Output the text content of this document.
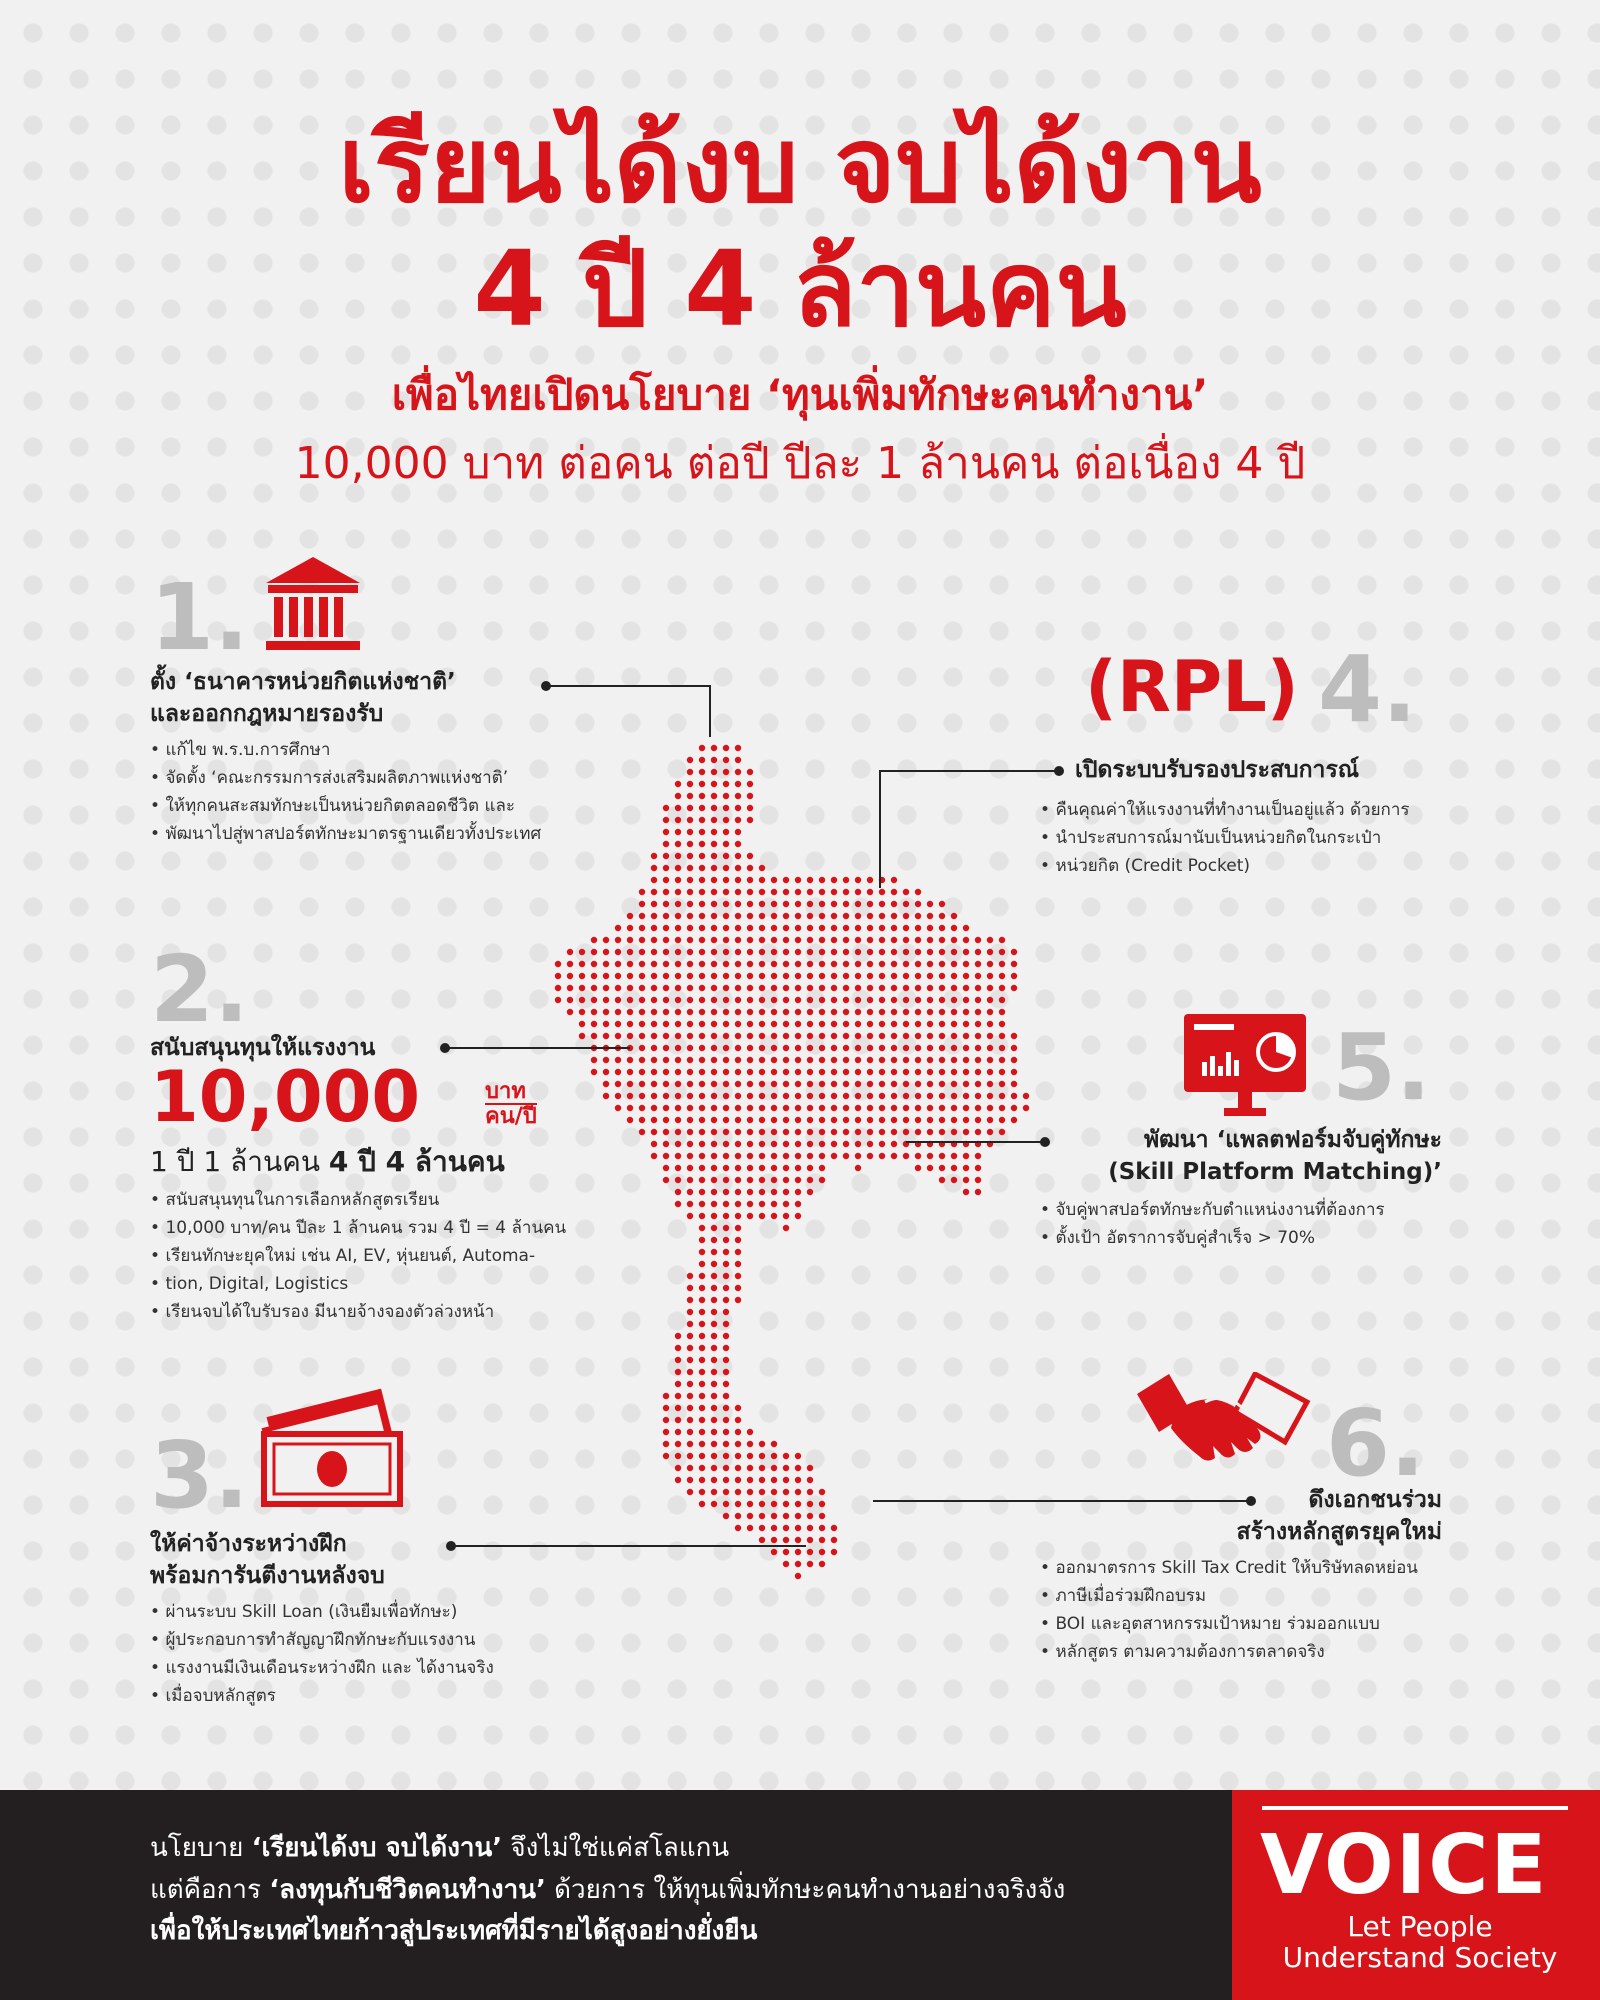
เรียนได้งบ จบได้งาน
4 ปี 4 ล้านคน
เพื่อไทยเปิดนโยบาย ‘ทุนเพิ่มทักษะคนทำงาน’
10,000 บาท ต่อคน ต่อปี ปีละ 1 ล้านคน ต่อเนื่อง 4 ปี
1.
ตั้ง ‘ธนาคารหน่วยกิตแห่งชาติ’
และออกกฎหมายรองรับ
• แก้ไข พ.ร.บ.การศึกษา
• จัดตั้ง ‘คณะกรรมการส่งเสริมผลิตภาพแห่งชาติ’
• ให้ทุกคนสะสมทักษะเป็นหน่วยกิตตลอดชีวิต และ
• พัฒนาไปสู่พาสปอร์ตทักษะมาตรฐานเดียวทั้งประเทศ
2.
สนับสนุนทุนให้แรงงาน
10,000	บาท
คน/ปี
1 ปี 1 ล้านคน 4 ปี 4 ล้านคน
• สนับสนุนทุนในการเลือกหลักสูตรเรียน
• 10,000 บาท/คน ปีละ 1 ล้านคน รวม 4 ปี = 4 ล้านคน
• เรียนทักษะยุคใหม่ เช่น AI, EV, หุ่นยนต์, Automa-
• tion, Digital, Logistics
• เรียนจบได้ใบรับรอง มีนายจ้างจองตัวล่วงหน้า
3.
ให้ค่าจ้างระหว่างฝึก
พร้อมการันตีงานหลังจบ
• ผ่านระบบ Skill Loan (เงินยืมเพื่อทักษะ)
• ผู้ประกอบการทำสัญญาฝึกทักษะกับแรงงาน
• แรงงานมีเงินเดือนระหว่างฝึก และ ได้งานจริง
• เมื่อจบหลักสูตร
(RPL) 4.
เปิดระบบรับรองประสบการณ์
• คืนคุณค่าให้แรงงานที่ทำงานเป็นอยู่แล้ว ด้วยการ
• นำประสบการณ์มานับเป็นหน่วยกิตในกระเป๋า
• หน่วยกิต (Credit Pocket)
5.
พัฒนา ‘แพลตฟอร์มจับคู่ทักษะ
(Skill Platform Matching)’
• จับคู่พาสปอร์ตทักษะกับตำแหน่งงานที่ต้องการ
• ตั้งเป้า อัตราการจับคู่สำเร็จ > 70%
6.
ดึงเอกชนร่วม
สร้างหลักสูตรยุคใหม่
• ออกมาตรการ Skill Tax Credit ให้บริษัทลดหย่อน
• ภาษีเมื่อร่วมฝึกอบรม
• BOI และอุตสาหกรรมเป้าหมาย ร่วมออกแบบ
• หลักสูตร ตามความต้องการตลาดจริง
นโยบาย ‘เรียนได้งบ จบได้งาน’ จึงไม่ใช่แค่สโลแกน
แต่คือการ ‘ลงทุนกับชีวิตคนทำงาน’ ด้วยการ ให้ทุนเพิ่มทักษะคนทำงานอย่างจริงจัง
เพื่อให้ประเทศไทยก้าวสู่ประเทศที่มีรายได้สูงอย่างยั่งยืน
VOICE
Let People
Understand Society
